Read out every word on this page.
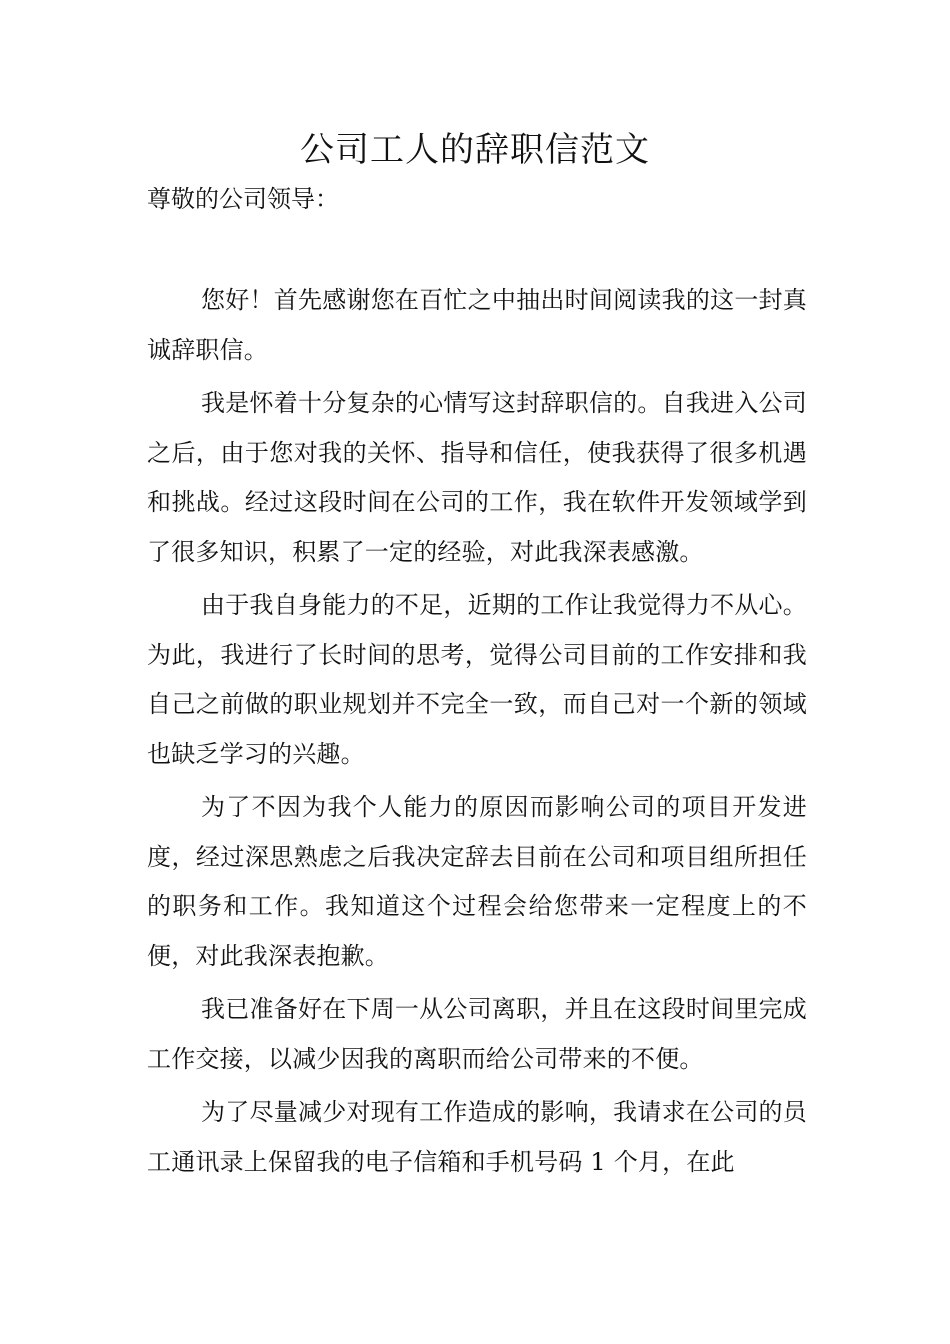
公司工人的辞职信范文

尊敬的公司领导：

您好！首先感谢您在百忙之中抽出时间阅读我的这一封真诚辞职信。

我是怀着十分复杂的心情写这封辞职信的。自我进入公司之后，由于您对我的关怀、指导和信任，使我获得了很多机遇和挑战。经过这段时间在公司的工作，我在软件开发领域学到了很多知识，积累了一定的经验，对此我深表感激。

由于我自身能力的不足，近期的工作让我觉得力不从心。为此，我进行了长时间的思考，觉得公司目前的工作安排和我自己之前做的职业规划并不完全一致，而自己对一个新的领域也缺乏学习的兴趣。

为了不因为我个人能力的原因而影响公司的项目开发进度，经过深思熟虑之后我决定辞去目前在公司和项目组所担任的职务和工作。我知道这个过程会给您带来一定程度上的不便，对此我深表抱歉。

我已准备好在下周一从公司离职，并且在这段时间里完成工作交接，以减少因我的离职而给公司带来的不便。

为了尽量减少对现有工作造成的影响，我请求在公司的员工通讯录上保留我的电子信箱和手机号码 1 个月，在此
